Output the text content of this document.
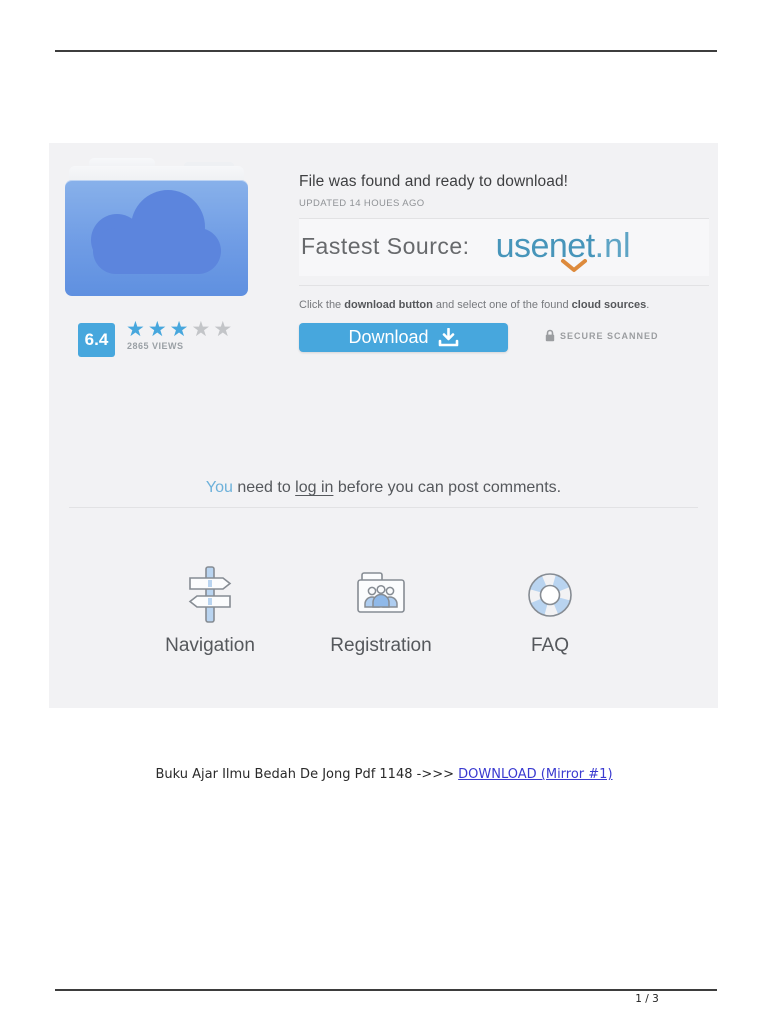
File was found and ready to download!
UPDATED 14 HOUES AGO
Fastest Source: usenet.nl
Click the download button and select one of the found cloud sources.
6.4 ★★★★★
2865 VIEWS	Download	SECURE SCANNED
You need to log in before you can post comments.
Navigation	Registration	FAQ
Buku Ajar Ilmu Bedah De Jong Pdf 1148 ->>> DOWNLOAD (Mirror #1)
1 / 3
